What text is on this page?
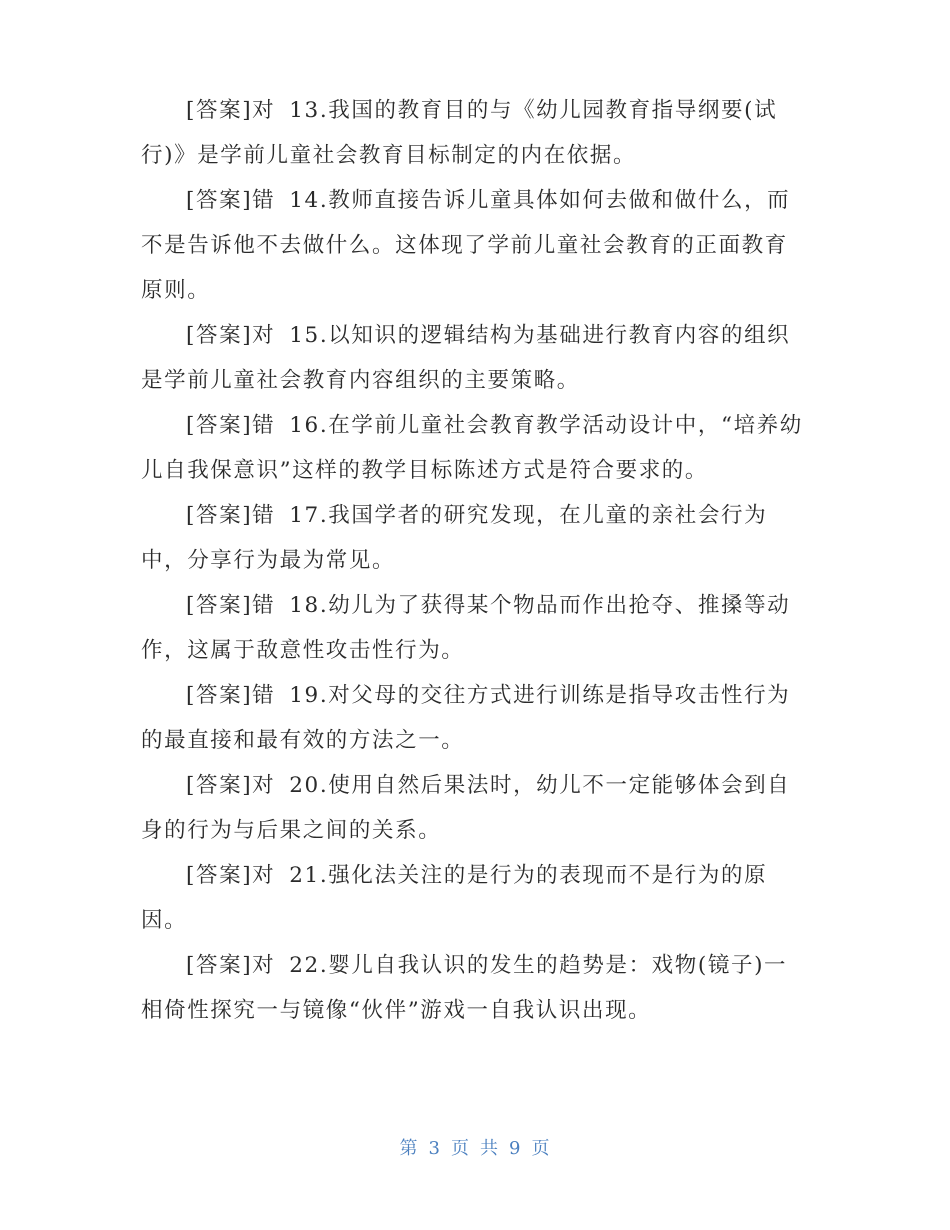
[答案]对 13.我国的教育目的与《幼儿园教育指导纲要(试行)》是学前儿童社会教育目标制定的内在依据。

[答案]错 14.教师直接告诉儿童具体如何去做和做什么，而不是告诉他不去做什么。这体现了学前儿童社会教育的正面教育原则。

[答案]对 15.以知识的逻辑结构为基础进行教育内容的组织是学前儿童社会教育内容组织的主要策略。

[答案]错 16.在学前儿童社会教育教学活动设计中，“培养幼儿自我保意识”这样的教学目标陈述方式是符合要求的。

[答案]错 17.我国学者的研究发现，在儿童的亲社会行为中，分享行为最为常见。

[答案]错 18.幼儿为了获得某个物品而作出抢夺、推搡等动作，这属于敌意性攻击性行为。

[答案]错 19.对父母的交往方式进行训练是指导攻击性行为的最直接和最有效的方法之一。

[答案]对 20.使用自然后果法时，幼儿不一定能够体会到自身的行为与后果之间的关系。

[答案]对 21.强化法关注的是行为的表现而不是行为的原因。

[答案]对 22.婴儿自我认识的发生的趋势是：戏物(镜子)一相倚性探究一与镜像“伙伴”游戏一自我认识出现。

第 3 页 共 9 页
